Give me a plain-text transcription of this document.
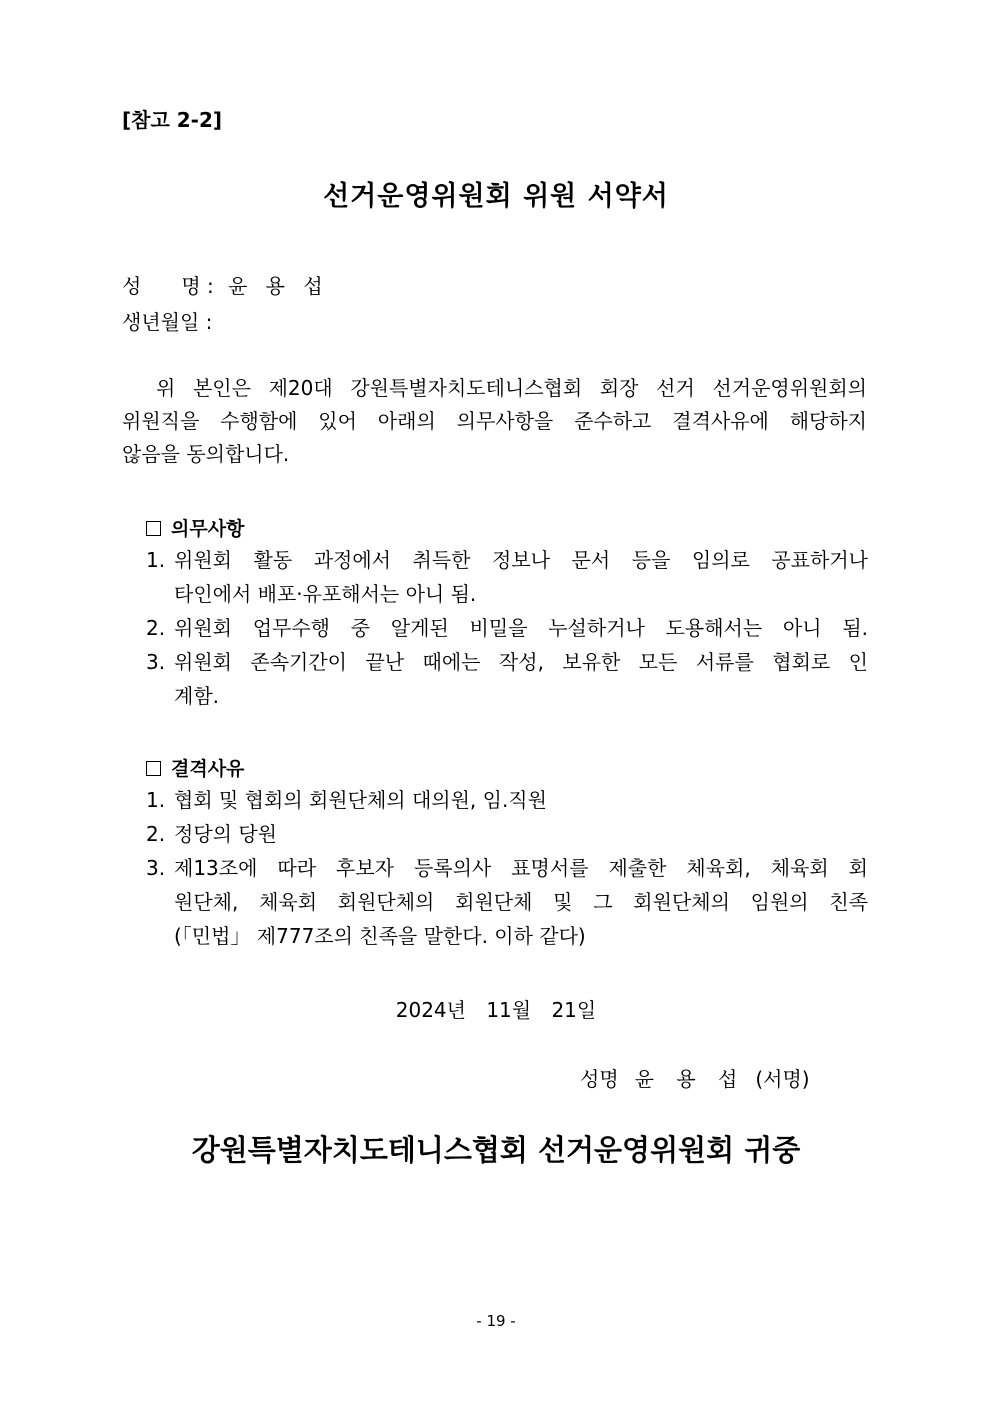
[참고 2-2]
선거운영위원회 위원 서약서
성　　명 : 윤 용 섭
생년월일 :
위 본인은 제20대 강원특별자치도테니스협회 회장 선거 선거운영위원회의
위원직을 수행함에 있어 아래의 의무사항을 준수하고 결격사유에 해당하지
않음을 동의합니다.
의무사항
1. 위원회 활동 과정에서 취득한 정보나 문서 등을 임의로 공표하거나
타인에서 배포·유포해서는 아니 됨.
2. 위원회 업무수행 중 알게된 비밀을 누설하거나 도용해서는 아니 됨.
3. 위원회 존속기간이 끝난 때에는 작성, 보유한 모든 서류를 협회로 인
계함.
결격사유
1. 협회 및 협회의 회원단체의 대의원, 임.직원
2. 정당의 당원
3. 제13조에 따라 후보자 등록의사 표명서를 제출한 체육회, 체육회 회
원단체, 체육회 회원단체의 회원단체 및 그 회원단체의 임원의 친족
(「민법」 제777조의 친족을 말한다. 이하 같다)
2024년 11월 21일
성명 윤 용 섭 (서명)
강원특별자치도테니스협회 선거운영위원회 귀중
- 19 -
